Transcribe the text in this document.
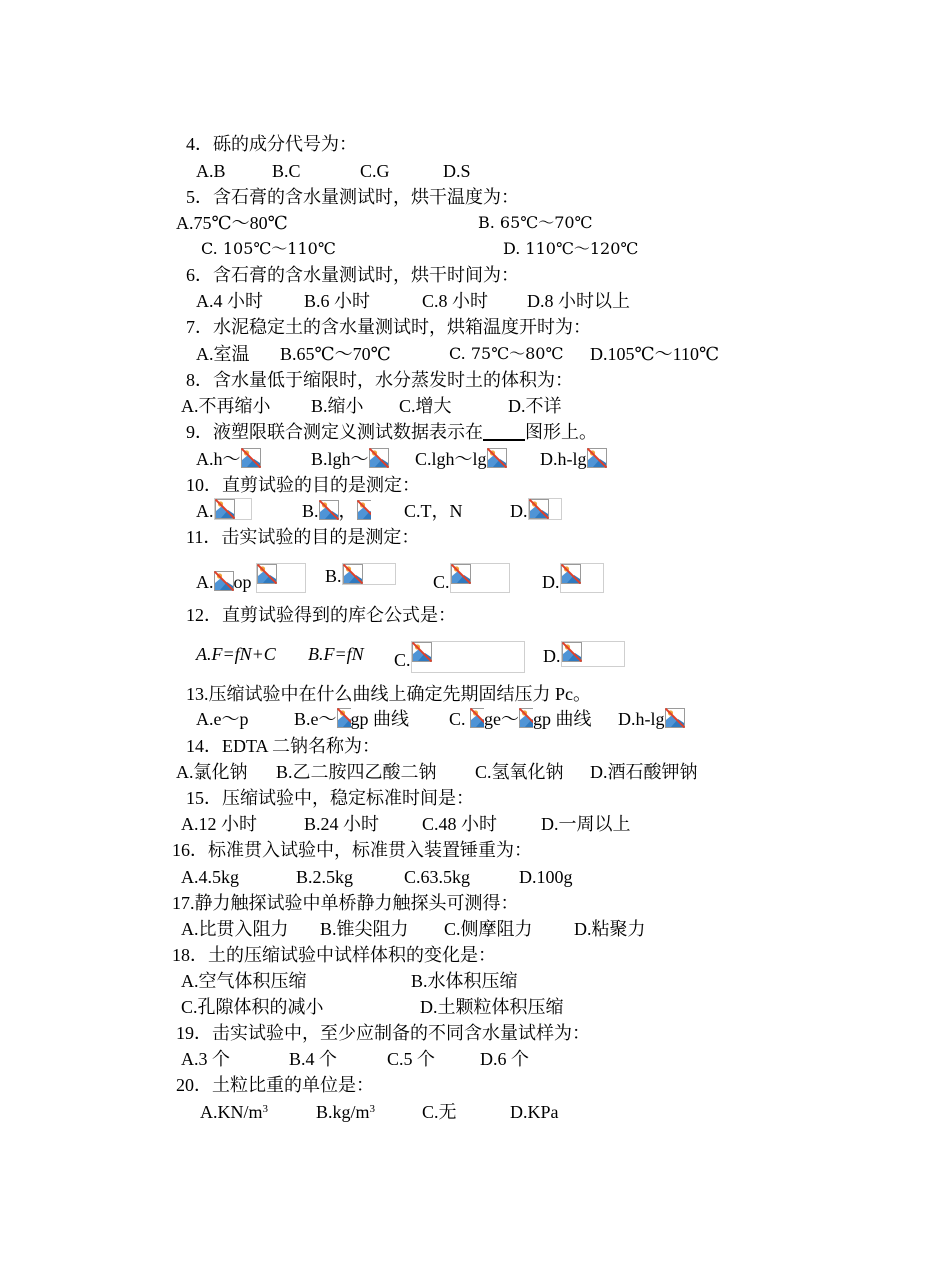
4．砾的成分代号为：
A.B	B.C	C.G	D.S
5．含石膏的含水量测试时，烘干温度为：
A.75℃～80℃	B. 65℃～70℃
C. 105℃～110℃	D. 110℃～120℃
6．含石膏的含水量测试时，烘干时间为：
A.4 小时 B.6 小时	C.8 小时 D.8 小时以上
7．水泥稳定土的含水量测试时，烘箱温度开时为：
A.室温 B.65℃～70℃	C. 75℃～80℃ D.105℃～110℃
8．含水量低于缩限时，水分蒸发时土的体积为：
A.不再缩小 B.缩小 C.增大	D.不详
9．液塑限联合测定义测试数据表示在 图形上。
A.h～	B.lgh～	C.lgh～lg	D.h-lg
10．直剪试验的目的是测定：
A.	B. ，	C.T，N	D.
11．击实试验的目的是测定：
A. op	B.	C.	D.
12．直剪试验得到的库仑公式是：
A.F=fN+C B.F=fN C.	D.
13.压缩试验中在什么曲线上确定先期固结压力 Pc。
A.e～p	B.e～ gp 曲线 C.
ge～ gp 曲线 D.h-lg
14．EDTA 二钠名称为：
A.氯化钠 B.乙二胺四乙酸二钠 C.氢氧化钠 D.酒石酸钾钠
15．压缩试验中，稳定标准时间是：
A.12 小时	B.24 小时 C.48 小时 D.一周以上
16．标准贯入试验中，标准贯入装置锤重为：
A.4.5kg	B.2.5kg	C.63.5kg	D.100g
17.静力触探试验中单桥静力触探头可测得：
A.比贯入阻力 B.锥尖阻力 C.侧摩阻力 D.粘聚力
18．土的压缩试验中试样体积的变化是：
A.空气体积压缩	B.水体积压缩
C.孔隙体积的减小	D.土颗粒体积压缩
19．击实试验中，至少应制备的不同含水量试样为：
A.3 个	B.4 个	C.5 个 D.6 个
20．土粒比重的单位是：
$A.KN/m^3$	$B.kg/m^3$	C.无	D.KPa
